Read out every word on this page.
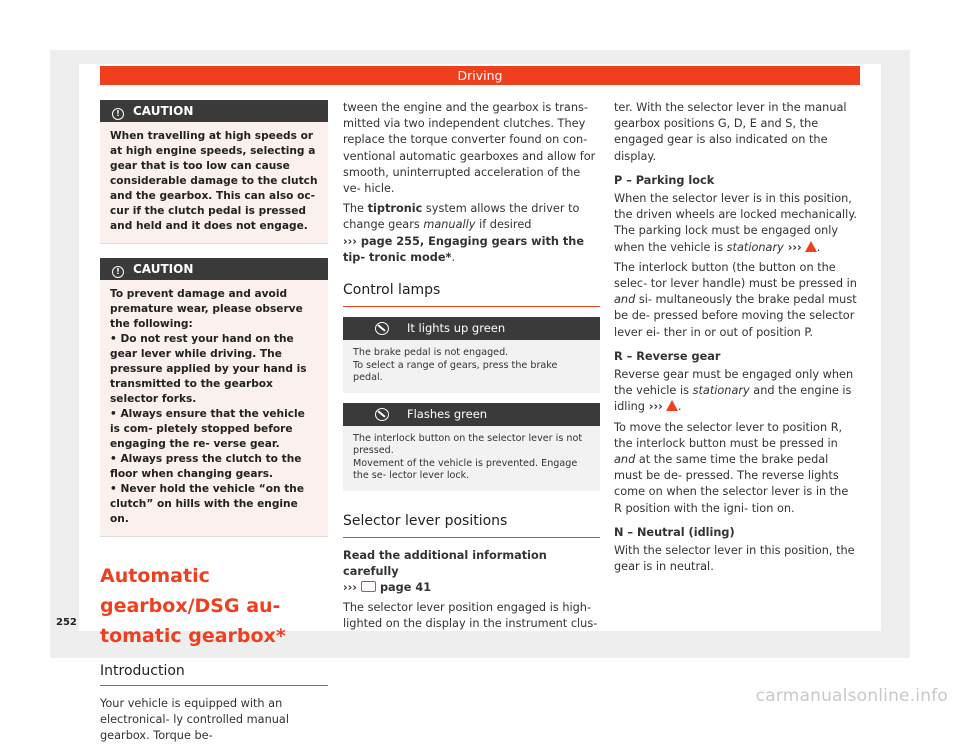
Driving
! CAUTION

When travelling at high speeds or at high engine speeds, selecting a gear that is too low can cause considerable damage to the clutch and the gearbox. This can also oc- cur if the clutch pedal is pressed and held and it does not engage.

! CAUTION

To prevent damage and avoid premature wear, please observe the following:

• Do not rest your hand on the gear lever while driving. The pressure applied by your hand is transmitted to the gearbox selector forks.

• Always ensure that the vehicle is com- pletely stopped before engaging the re- verse gear.

• Always press the clutch to the floor when changing gears.

• Never hold the vehicle “on the clutch” on hills with the engine on.

Automatic gearbox/DSG au-
tomatic gearbox*
Introduction
Your vehicle is equipped with an electronical- ly controlled manual gearbox. Torque be-

tween the engine and the gearbox is trans- mitted via two independent clutches. They replace the torque converter found on con- ventional automatic gearboxes and allow for smooth, uninterrupted acceleration of the ve- hicle.

The tiptronic system allows the driver to change gears manually if desired
››› page 255, Engaging gears with the tip- tronic mode*.

Control lamps
It lights up green

The brake pedal is not engaged.

To select a range of gears, press the brake pedal.

Flashes green

The interlock button on the selector lever is not pressed.

Movement of the vehicle is prevented. Engage the se- lector lever lock.

Selector lever positions

Read the additional information carefully

››› page 41

The selector lever position engaged is high- lighted on the display in the instrument clus-

ter. With the selector lever in the manual gearbox positions G, D, E and S, the engaged gear is also indicated on the display.

P – Parking lock

When the selector lever is in this position, the driven wheels are locked mechanically. The parking lock must be engaged only when the vehicle is stationary ››› .

The interlock button (the button on the selec- tor lever handle) must be pressed in and si- multaneously the brake pedal must be de- pressed before moving the selector lever ei- ther in or out of position P.

R – Reverse gear

Reverse gear must be engaged only when the vehicle is stationary and the engine is idling ››› .

To move the selector lever to position R, the interlock button must be pressed in and at the same time the brake pedal must be de- pressed. The reverse lights come on when the selector lever is in the R position with the igni- tion on.

N – Neutral (idling)

With the selector lever in this position, the gear is in neutral.

252
carmanualsonline.info
